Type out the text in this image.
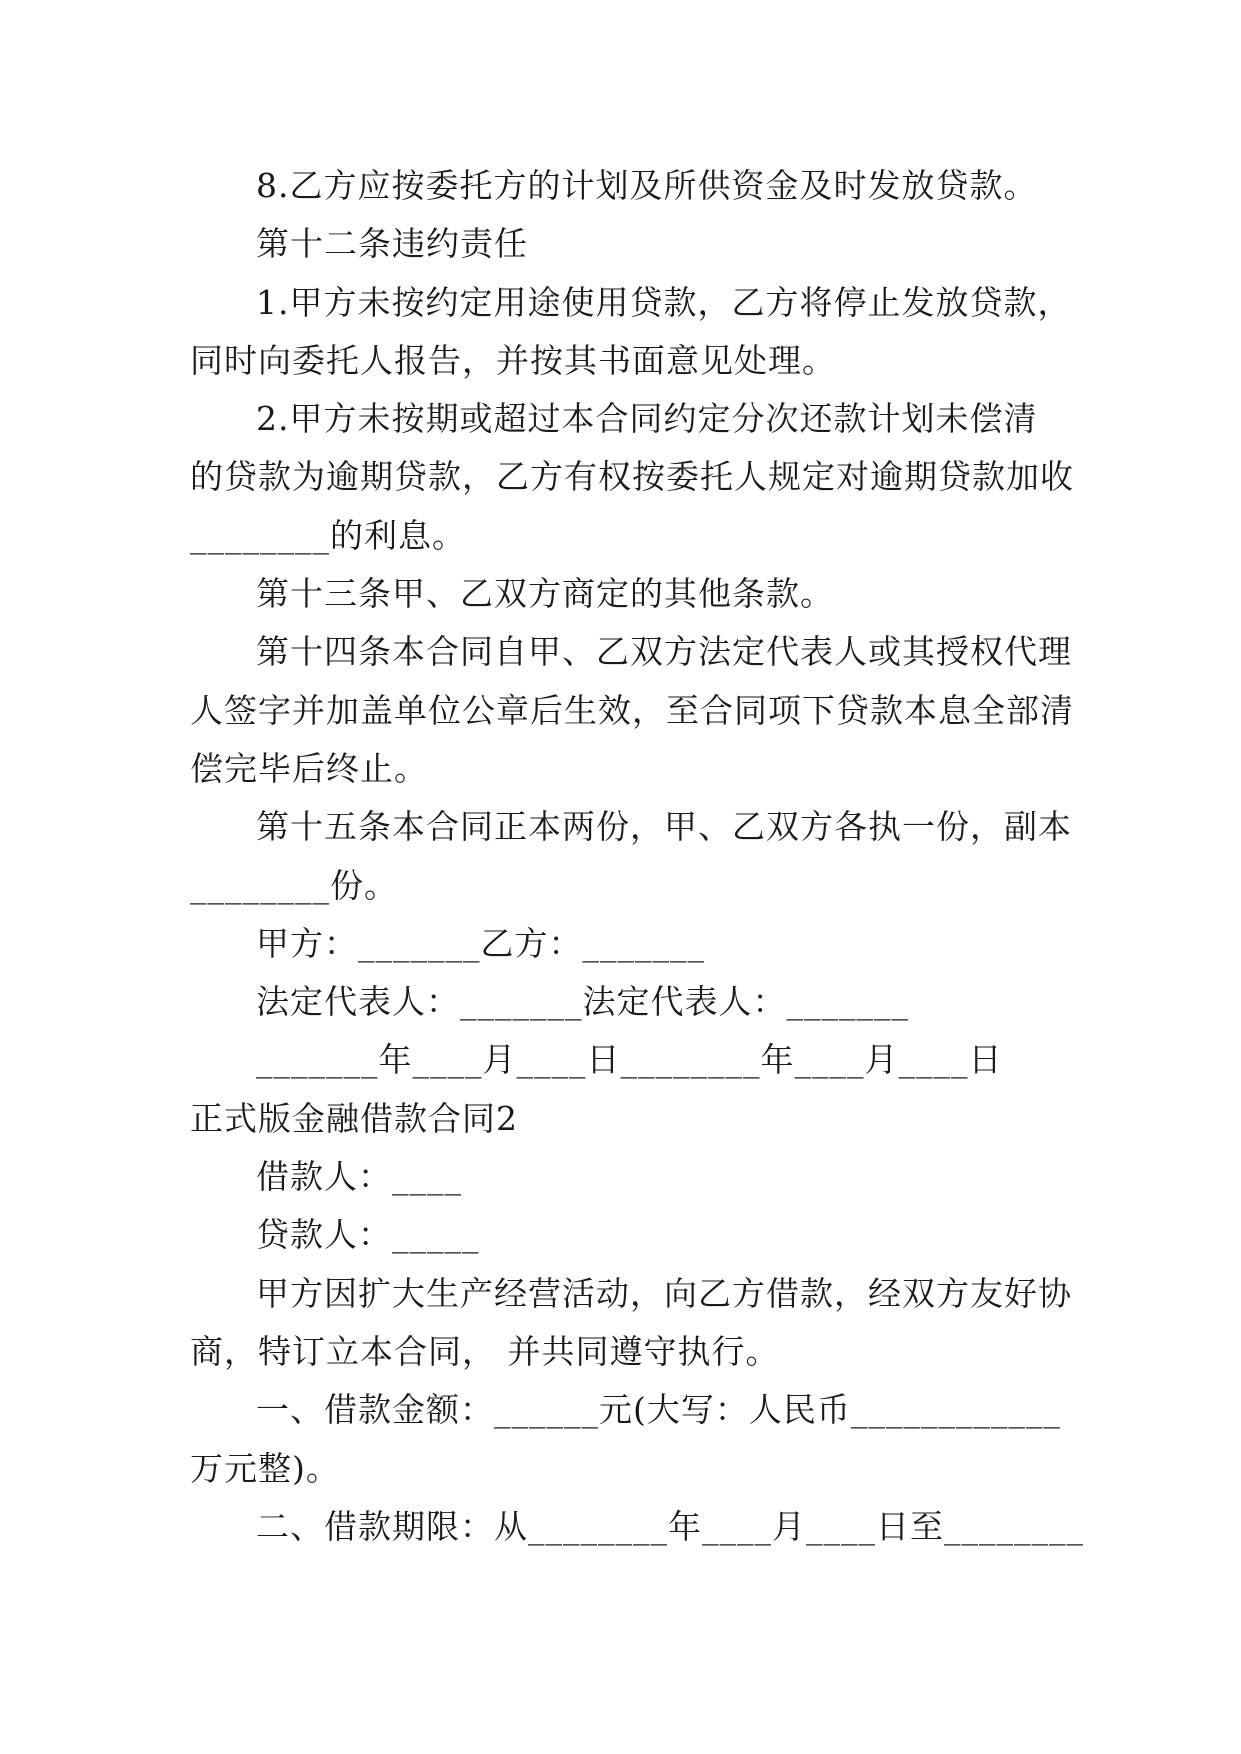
8.乙方应按委托方的计划及所供资金及时发放贷款。

第十二条违约责任

1.甲方未按约定用途使用贷款，乙方将停止发放贷款，

同时向委托人报告，并按其书面意见处理。

2.甲方未按期或超过本合同约定分次还款计划未偿清

的贷款为逾期贷款，乙方有权按委托人规定对逾期贷款加收

________的利息。

第十三条甲、乙双方商定的其他条款。

第十四条本合同自甲、乙双方法定代表人或其授权代理

人签字并加盖单位公章后生效，至合同项下贷款本息全部清

偿完毕后终止。

第十五条本合同正本两份，甲、乙双方各执一份，副本

________份。

甲方：_______乙方：_______

法定代表人：_______法定代表人：_______

_______年____月____日________年____月____日

正式版金融借款合同2

借款人：____

贷款人：_____

甲方因扩大生产经营活动，向乙方借款，经双方友好协

商，特订立本合同， 并共同遵守执行。

一、借款金额：______元(大写：人民币____________

万元整)。

二、借款期限：从________年____月____日至________
